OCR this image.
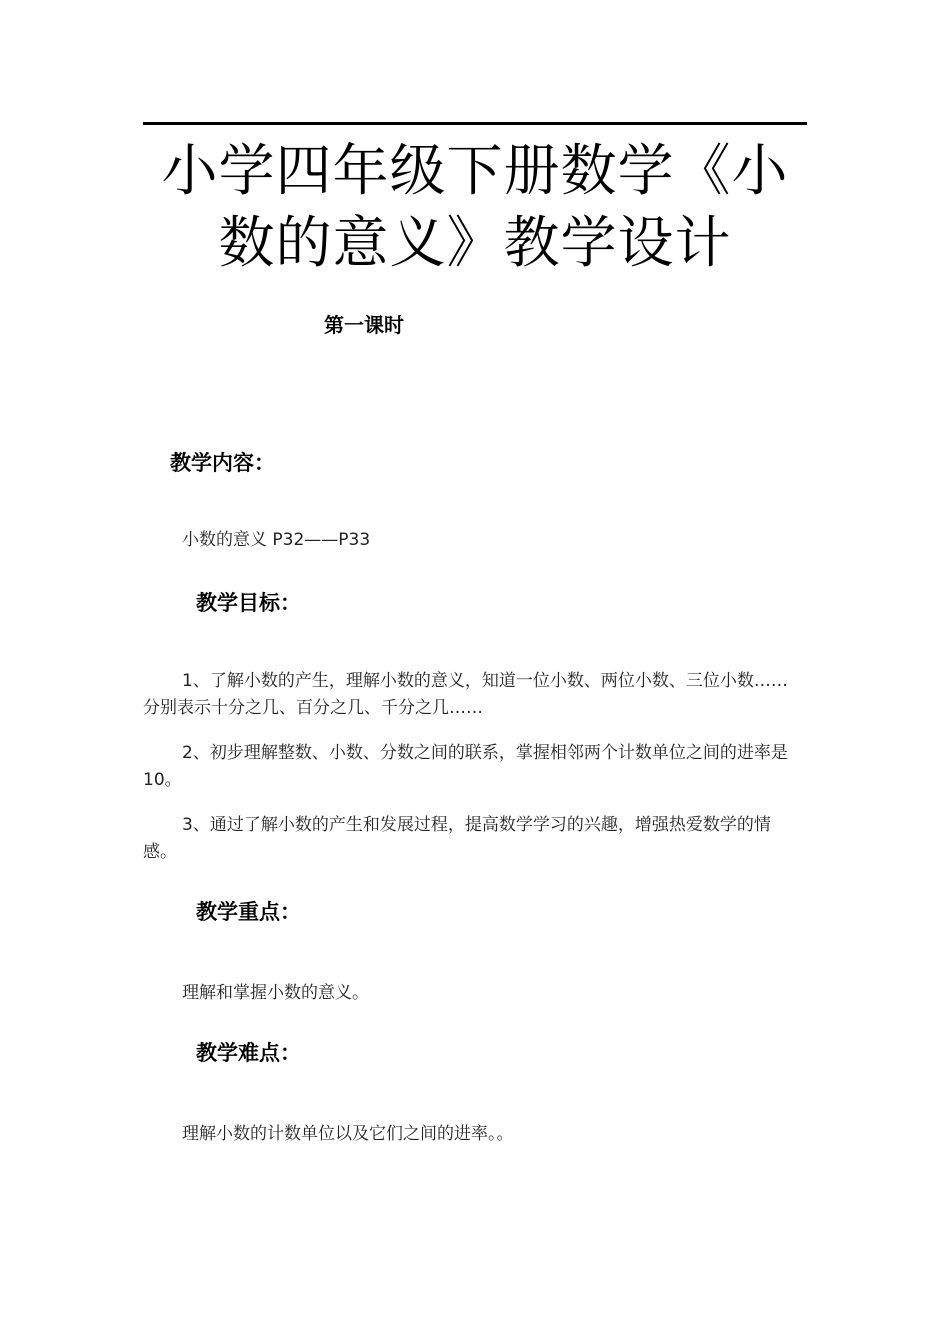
小学四年级下册数学《小数的意义》教学设计

第一课时

教学内容：

小数的意义 P32——P33

教学目标：

1、了解小数的产生，理解小数的意义，知道一位小数、两位小数、三位小数……分别表示十分之几、百分之几、千分之几……

2、初步理解整数、小数、分数之间的联系，掌握相邻两个计数单位之间的进率是 10。

3、通过了解小数的产生和发展过程，提高数学学习的兴趣，增强热爱数学的情感。

教学重点：

理解和掌握小数的意义。

教学难点：

理解小数的计数单位以及它们之间的进率。。
